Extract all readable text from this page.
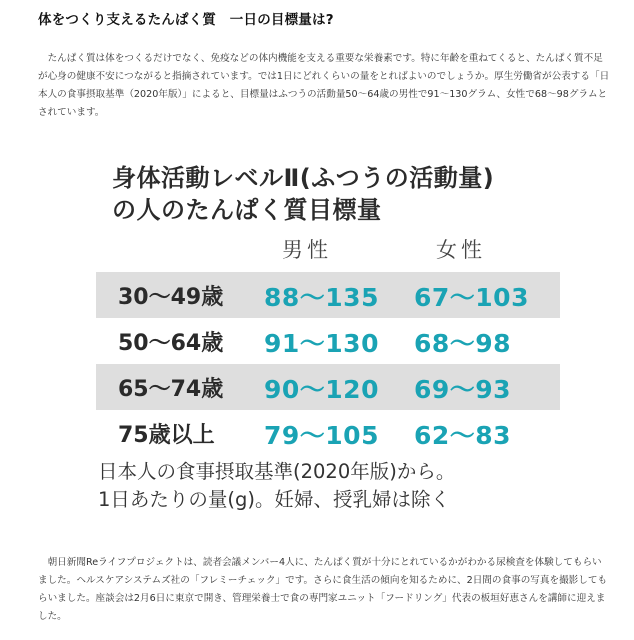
体をつくり支えるたんぱく質　一日の目標量は?
たんぱく質は体をつくるだけでなく、免疫などの体内機能を支える重要な栄養素です。特に年齢を重ねてくると、たんぱく質不足が心身の健康不安につながると指摘されています。では1日にどれくらいの量をとればよいのでしょうか。厚生労働省が公表する「日本人の食事摂取基準（2020年版）」によると、目標量はふつうの活動量50～64歳の男性で91～130グラム、女性で68～98グラムとされています。
身体活動レベルⅡ(ふつうの活動量)
の人のたんぱく質目標量
男性	女性
30～49歳 88～135 67～103
50～64歳 91～130 68～98
65～74歳 90～120 69～93
75歳以上 79～105 62～83
日本人の食事摂取基準(2020年版)から。
1日あたりの量(g)。妊婦、授乳婦は除く
朝日新聞Reライフプロジェクトは、読者会議メンバー4人に、たんぱく質が十分にとれているかがわかる尿検査を体験してもらいました。ヘルスケアシステムズ社の「フレミーチェック」です。さらに食生活の傾向を知るために、2日間の食事の写真を撮影してもらいました。座談会は2月6日に東京で開き、管理栄養士で食の専門家ユニット「フードリング」代表の板垣好恵さんを講師に迎えました。
